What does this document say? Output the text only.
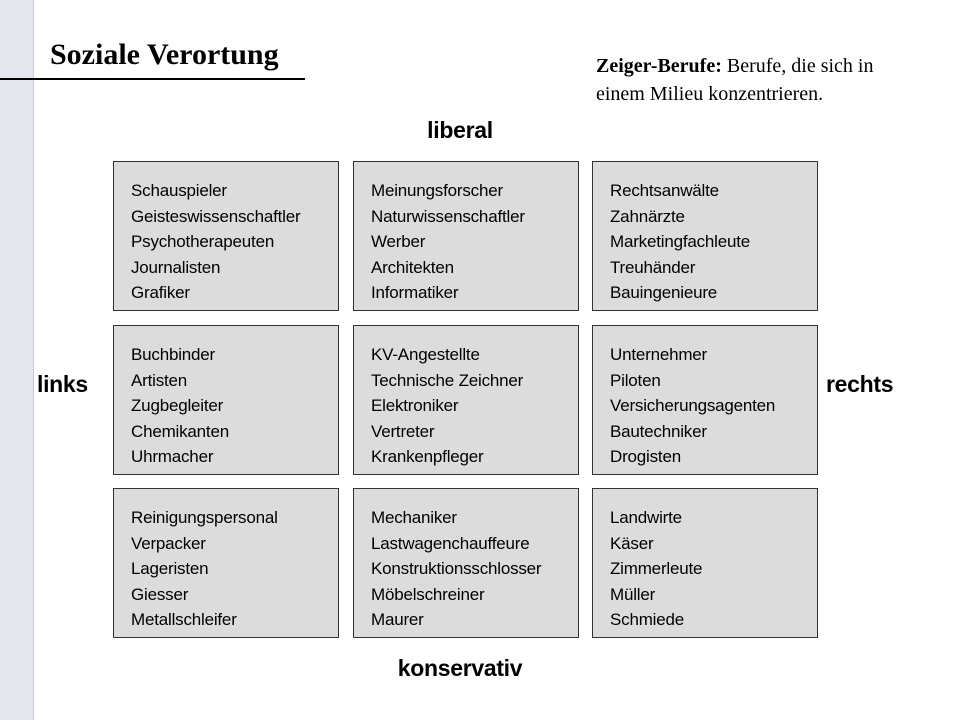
Soziale Verortung	Zeiger-Berufe: Berufe, die sich in einem Milieu konzentrieren.
liberal
konservativ
links	rechts
Schauspieler
Geisteswissenschaftler
Psychotherapeuten
Journalisten
Grafiker
Meinungsforscher
Naturwissenschaftler
Werber
Architekten
Informatiker
Rechtsanwälte
Zahnärzte
Marketingfachleute
Treuhänder
Bauingenieure
Buchbinder
Artisten
Zugbegleiter
Chemikanten
Uhrmacher
KV-Angestellte
Technische Zeichner
Elektroniker
Vertreter
Krankenpfleger
Unternehmer
Piloten
Versicherungsagenten
Bautechniker
Drogisten
Reinigungspersonal
Verpacker
Lageristen
Giesser
Metallschleifer
Mechaniker
Lastwagenchauffeure
Konstruktionsschlosser
Möbelschreiner
Maurer
Landwirte
Käser
Zimmerleute
Müller
Schmiede
